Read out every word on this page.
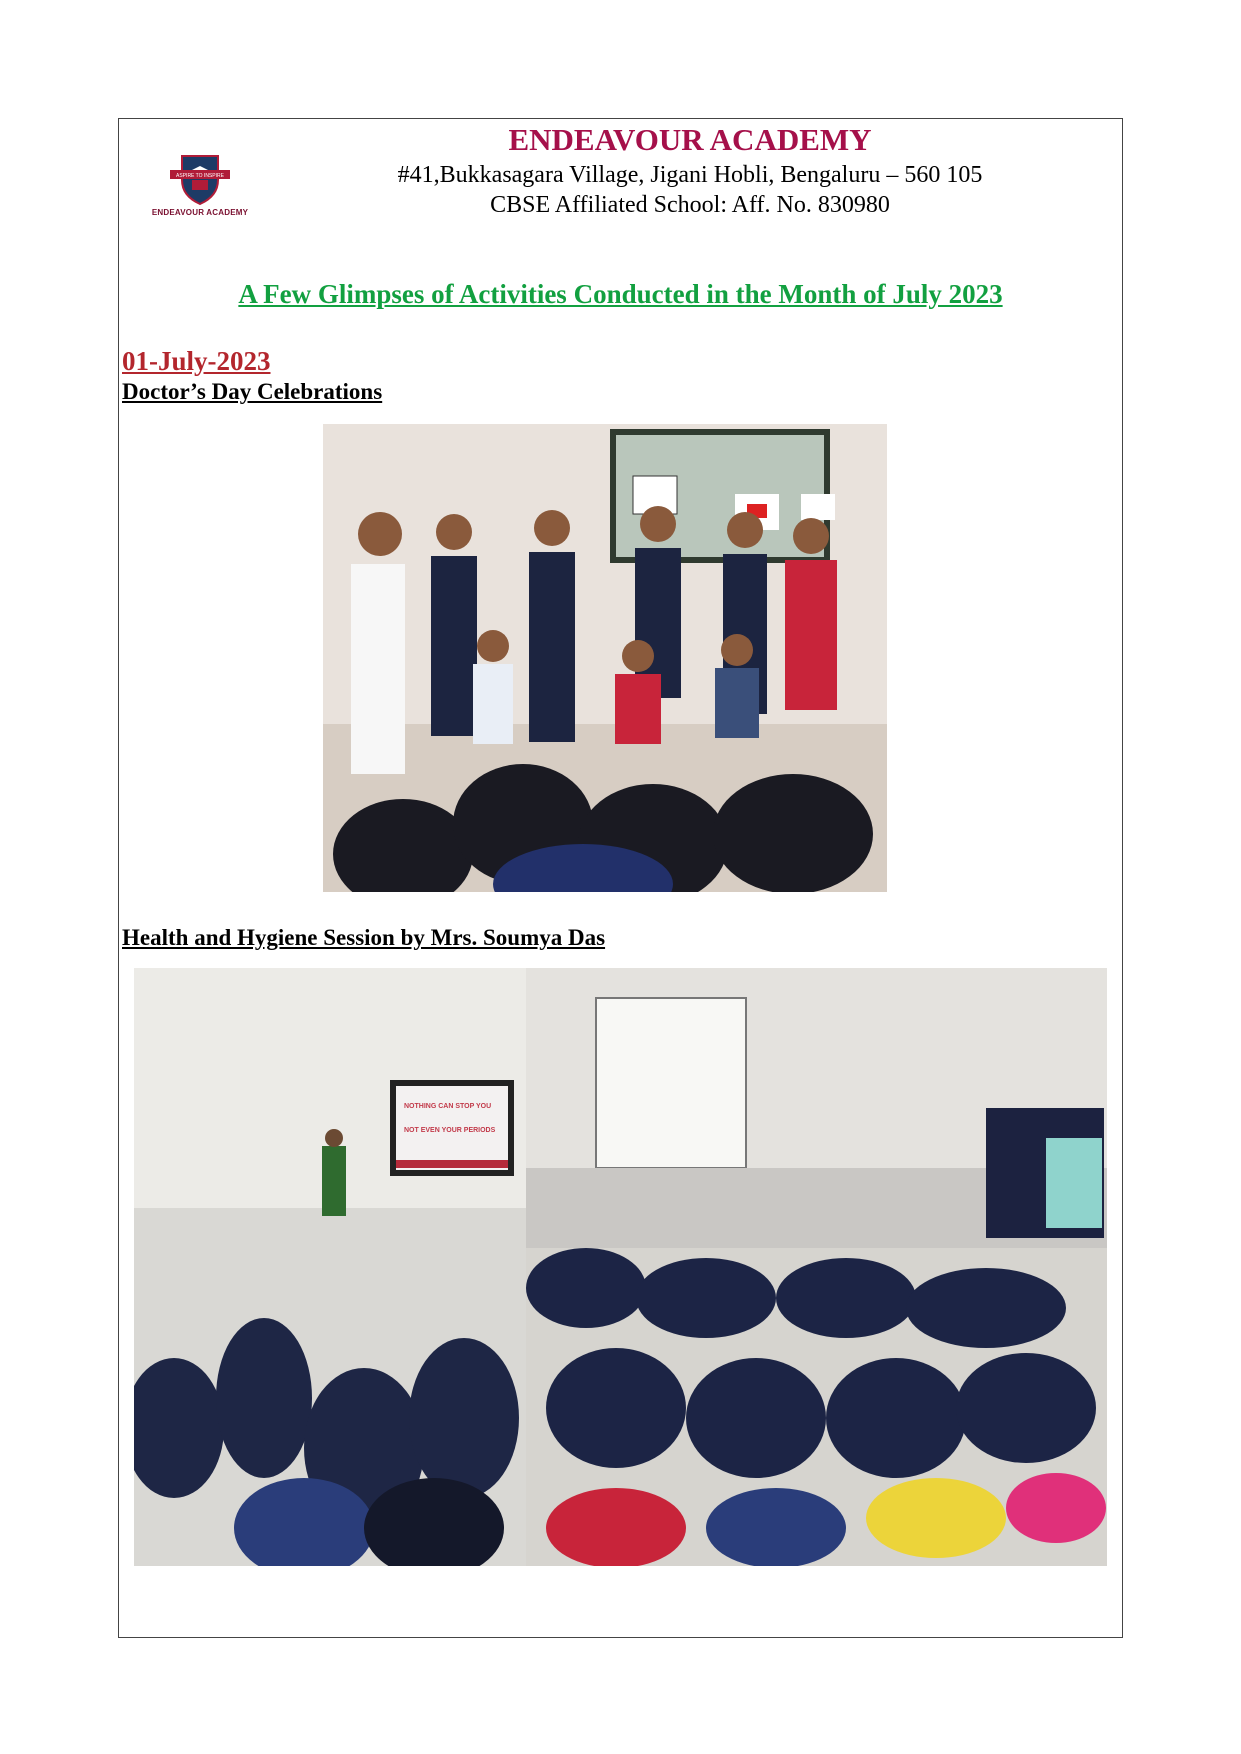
ASPIRE TO INSPIRE
ENDEAVOUR ACADEMY
ENDEAVOUR ACADEMY
#41,Bukkasagara Village, Jigani Hobli, Bengaluru – 560 105
CBSE Affiliated School: Aff. No. 830980
A Few Glimpses of Activities Conducted in the Month of July 2023
01-July-2023
Doctor’s Day Celebrations
Health and Hygiene Session by Mrs. Soumya Das
NOTHING CAN STOP YOU
NOT EVEN YOUR PERIODS
